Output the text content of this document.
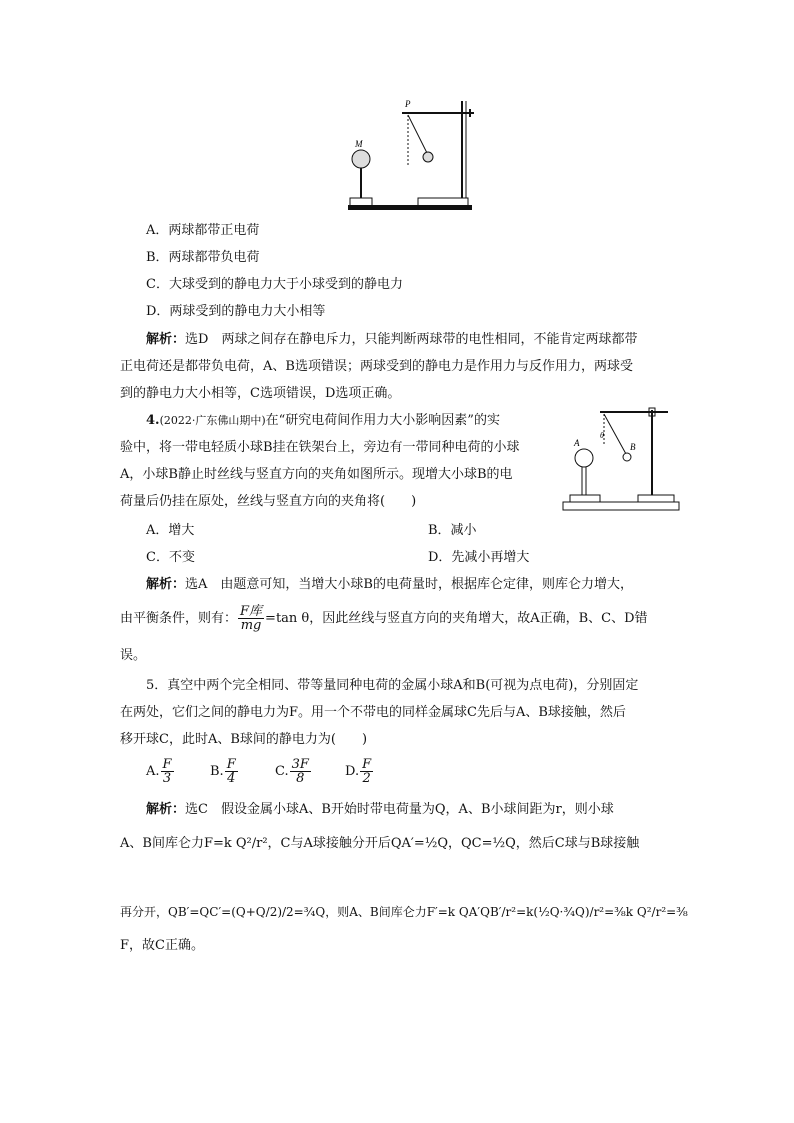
P
M
A．两球都带正电荷
B．两球都带负电荷
C．大球受到的静电力大于小球受到的静电力
D．两球受到的静电力大小相等
解析：选D　两球之间存在静电斥力，只能判断两球带的电性相同，不能肯定两球都带
正电荷还是都带负电荷，A、B选项错误；两球受到的静电力是作用力与反作用力，两球受
到的静电力大小相等，C选项错误，D选项正确。
4.(2022·广东佛山期中)在“研究电荷间作用力大小影响因素”的实
验中，将一带电轻质小球B挂在铁架台上，旁边有一带同种电荷的小球
A，小球B静止时丝线与竖直方向的夹角如图所示。现增大小球B的电
荷量后仍挂在原处，丝线与竖直方向的夹角将(　　)
A	B
θ
A．增大	B．减小
C．不变	D．先减小再增大
解析：选A　由题意可知，当增大小球B的电荷量时，根据库仑定律，则库仑力增大，
由平衡条件，则有： $\frac{\text{F库}}{mg} =\tan$ θ，因此丝线与竖直方向的夹角增大，故A正确，B、C、D错
误。
5．真空中两个完全相同、带等量同种电荷的金属小球A和B(可视为点电荷)，分别固定
在两处，它们之间的静电力为F。用一个不带电的同样金属球C先后与A、B球接触，然后
移开球C，此时A、B球间的静电力为(　　)
A. $\frac{F}{3}$	B. $\frac{F}{4}$	C. $\frac{3F}{8}$	D. $\frac{F}{2}$
解析：选C　假设金属小球A、B开始时带电荷量为Q，A、B小球间距为r，则小球
A、B间库仑力F=k Q²/r²，C与A球接触分开后QA′=½Q，QC=½Q，然后C球与B球接触
再分开，QB′=QC′=(Q+Q/2)/2=¾Q，则A、B间库仑力F′=k QA′QB′/r²=k(½Q·¾Q)/r²=⅜k Q²/r²=⅜
F，故C正确。
